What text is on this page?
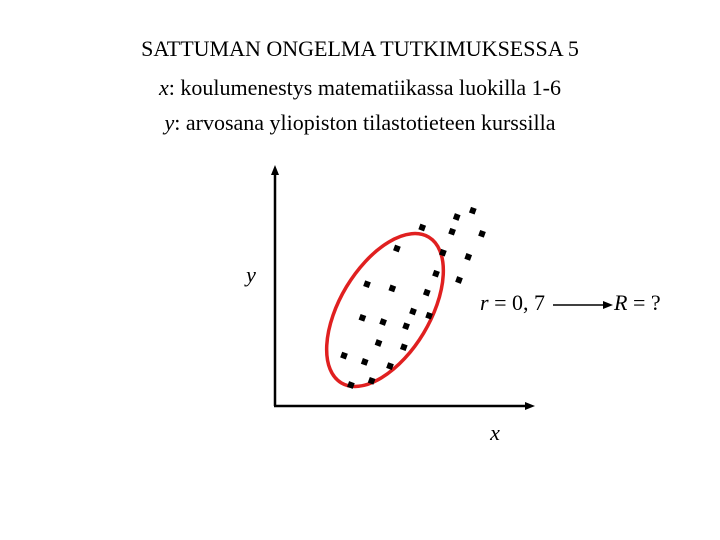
SATTUMAN ONGELMA TUTKIMUKSESSA 5
x: koulumenestys matematiikassa luokilla 1-6
y: arvosana yliopiston tilastotieteen kurssilla
y
x
r = 0, 7	R = ?
